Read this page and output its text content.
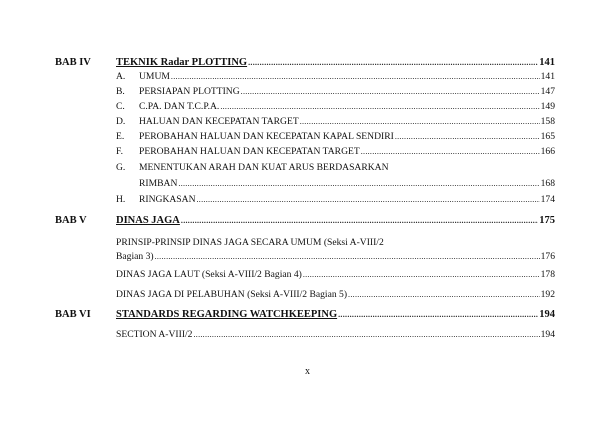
BAB IV TEKNIK Radar PLOTTING .....	141
A.	UMUM .....	141
B.	PERSIAPAN PLOTTING .....	147
C.	C.PA. DAN T.C.P.A. .....	149
D.	HALUAN DAN KECEPATAN TARGET .....	158
E.	PEROBAHAN HALUAN DAN KECEPATAN KAPAL SENDIRI .....	165
F.	PEROBAHAN HALUAN DAN KECEPATAN TARGET .....	166
G.	MENENTUKAN ARAH DAN KUAT ARUS BERDASARKAN
RIMBAN .....	168
H.	RINGKASAN .....	174
BAB V	DINAS JAGA .....	175
PRINSIP-PRINSIP DINAS JAGA SECARA UMUM (Seksi A-VIII/2
Bagian 3) .....	176
DINAS JAGA LAUT (Seksi A-VIII/2 Bagian 4) .....	178
DINAS JAGA DI PELABUHAN (Seksi A-VIII/2 Bagian 5) .....	192
BAB VI STANDARDS REGARDING WATCHKEEPING .....	194
SECTION A-VIII/2 .....	194
x
